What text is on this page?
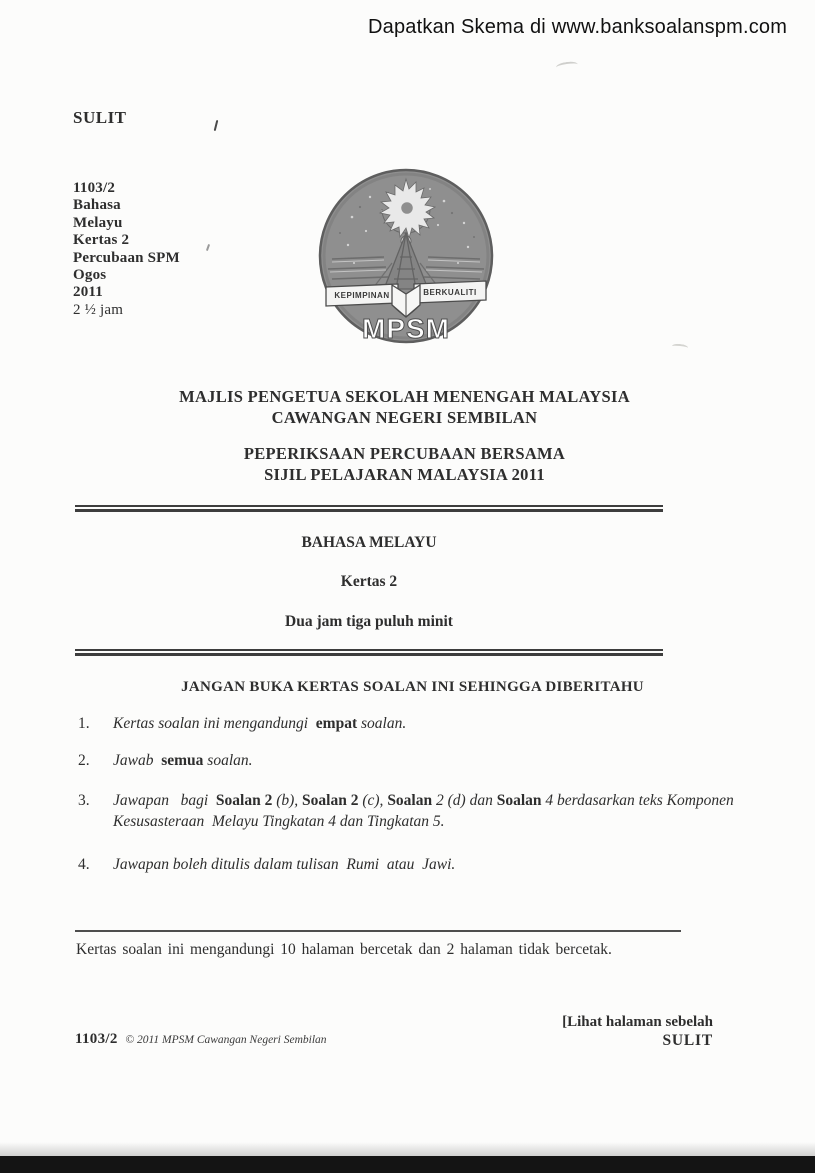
Dapatkan Skema di www.banksoalanspm.com
SULIT
1103/2
Bahasa
Melayu
Kertas 2
Percubaan SPM
Ogos
2011
2 ½ jam
KEPIMPINAN	BERKUALITI
MPSM
MAJLIS PENGETUA SEKOLAH MENENGAH MALAYSIA
CAWANGAN NEGERI SEMBILAN
PEPERIKSAAN PERCUBAAN BERSAMA
SIJIL PELAJARAN MALAYSIA 2011
BAHASA MELAYU
Kertas 2
Dua jam tiga puluh minit
JANGAN BUKA KERTAS SOALAN INI SEHINGGA DIBERITAHU
1.	Kertas soalan ini mengandungi  empat soalan.
2.	Jawab  semua soalan.
3.	Jawapan   bagi  Soalan 2 (b), Soalan 2 (c), Soalan 2 (d) dan Soalan 4 berdasarkan teks Komponen Kesusasteraan  Melayu Tingkatan 4 dan Tingkatan 5.
4.	Jawapan boleh ditulis dalam tulisan  Rumi  atau  Jawi.
Kertas soalan ini mengandungi 10 halaman bercetak dan 2 halaman tidak bercetak.
1103/2 © 2011 MPSM Cawangan Negeri Sembilan
[Lihat halaman sebelah
SULIT
